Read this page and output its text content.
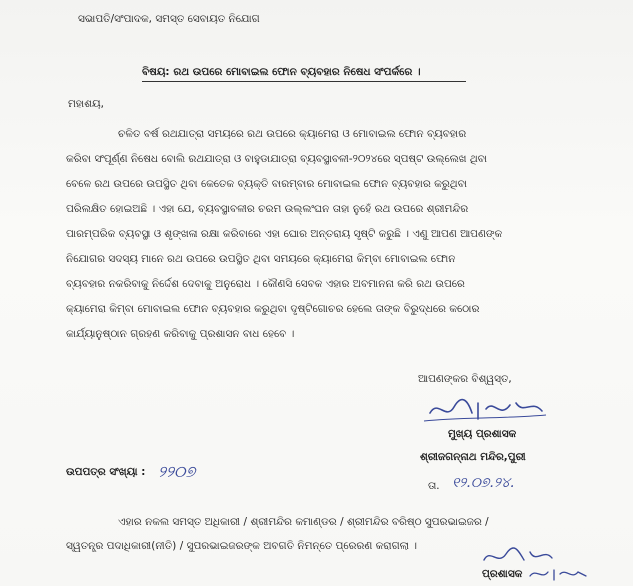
ସଭାପତି/ସଂପାଦକ, ସମସ୍ତ ସେବାୟତ ନିଯୋଗ
ବିଷୟ: ରଥ ଉପରେ ମୋବାଇଲ ଫୋନ ବ୍ୟବହାର ନିଷେଧ ସଂପର୍କରେ ।
ମହାଶୟ,
ଚଳିତ ବର୍ଷ ରଥଯାତ୍ରା ସମୟରେ ରଥ ଉପରେ କ୍ୟାମେରା ଓ ମୋବାଇଲ ଫୋନ ବ୍ୟବହାର
କରିବା ସଂପୂର୍ଣ୍ଣ ନିଷେଧ ବୋଲି ରଥଯାତ୍ରା ଓ ବାହୁଡାଯାତ୍ରା ବ୍ୟବସ୍ଥାବଳୀ-୨୦୨୪ରେ ସ୍ପଷ୍ଟ ଉଲ୍ଲେଖ ଥିବା
ବେଳେ ରଥ ଉପରେ ଉପସ୍ଥିତ ଥିବା କେତେକ ବ୍ୟକ୍ତି ବାରମ୍ବାର ମୋବାଇଲ ଫୋନ ବ୍ୟବହାର କରୁଥିବା
ପରିଲକ୍ଷିତ ହୋଇଅଛି । ଏହା ଯେ, ବ୍ୟବସ୍ଥାବଳୀର ଚରମ ଉଲ୍ଲଂଘନ ତାହା ନୁହେଁ ରଥ ଉପରେ ଶ୍ରୀମନ୍ଦିର
ପାରମ୍ପରିକ ବ୍ୟବସ୍ଥା ଓ ଶୃଙ୍ଖଳା ରକ୍ଷା କରିବାରେ ଏହା ଘୋର ଅନ୍ତରାୟ ସୃଷ୍ଟି କରୁଛି । ଏଣୁ ଆପଣ ଆପଣଙ୍କ
ନିଯୋଗର ସଦସ୍ୟ ମାନେ ରଥ ଉପରେ ଉପସ୍ଥିତ ଥିବା ସମୟରେ କ୍ୟାମେରା କିମ୍ବା ମୋବାଇଲ ଫୋନ
ବ୍ୟବହାର ନକରିବାକୁ ନିର୍ଦ୍ଦେଶ ଦେବାକୁ ଅନୁରୋଧ । କୌଣସି ସେବକ ଏହାର ଅବମାନନା କରି ରଥ ଉପରେ
କ୍ୟାମେରା କିମ୍ବା ମୋବାଇଲ ଫୋନ ବ୍ୟବହାର କରୁଥିବା ଦୃଷ୍ଟିଗୋଚର ହେଲେ ତାଙ୍କ ବିରୁଦ୍ଧରେ କଠୋର
କାର୍ଯ୍ୟାନୁଷ୍ଠାନ ଗ୍ରହଣ କରିବାକୁ ପ୍ରଶାସନ ବାଧ ହେବେ ।
ଆପଣଙ୍କର ବିଶ୍ୱସ୍ତ,
ମୁଖ୍ୟ ପ୍ରଶାସକ
ଶ୍ରୀଜଗନ୍ନାଥ ମନ୍ଦିର,ପୁରୀ
ଉପପତ୍ର ସଂଖ୍ୟା : ୨୨୦୭
ତା. ୧୨.୦୭.୨୪.
ଏହାର ନକଲ ସମସ୍ତ ଅଧିକାରୀ / ଶ୍ରୀମନ୍ଦିର କମାଣ୍ଡର / ଶ୍ରୀମନ୍ଦିର ବରିଷ୍ଠ ସୁପରଭାଇଜର /
ସ୍ୱତନ୍ତ୍ର ପଦାଧିକାରୀ(ନୀତି) / ସୁପରଭାଇଜରଙ୍କ ଅବଗତି ନିମନ୍ତେ ପ୍ରେରଣ କରାଗଲା ।
ପ୍ରଶାସକ
